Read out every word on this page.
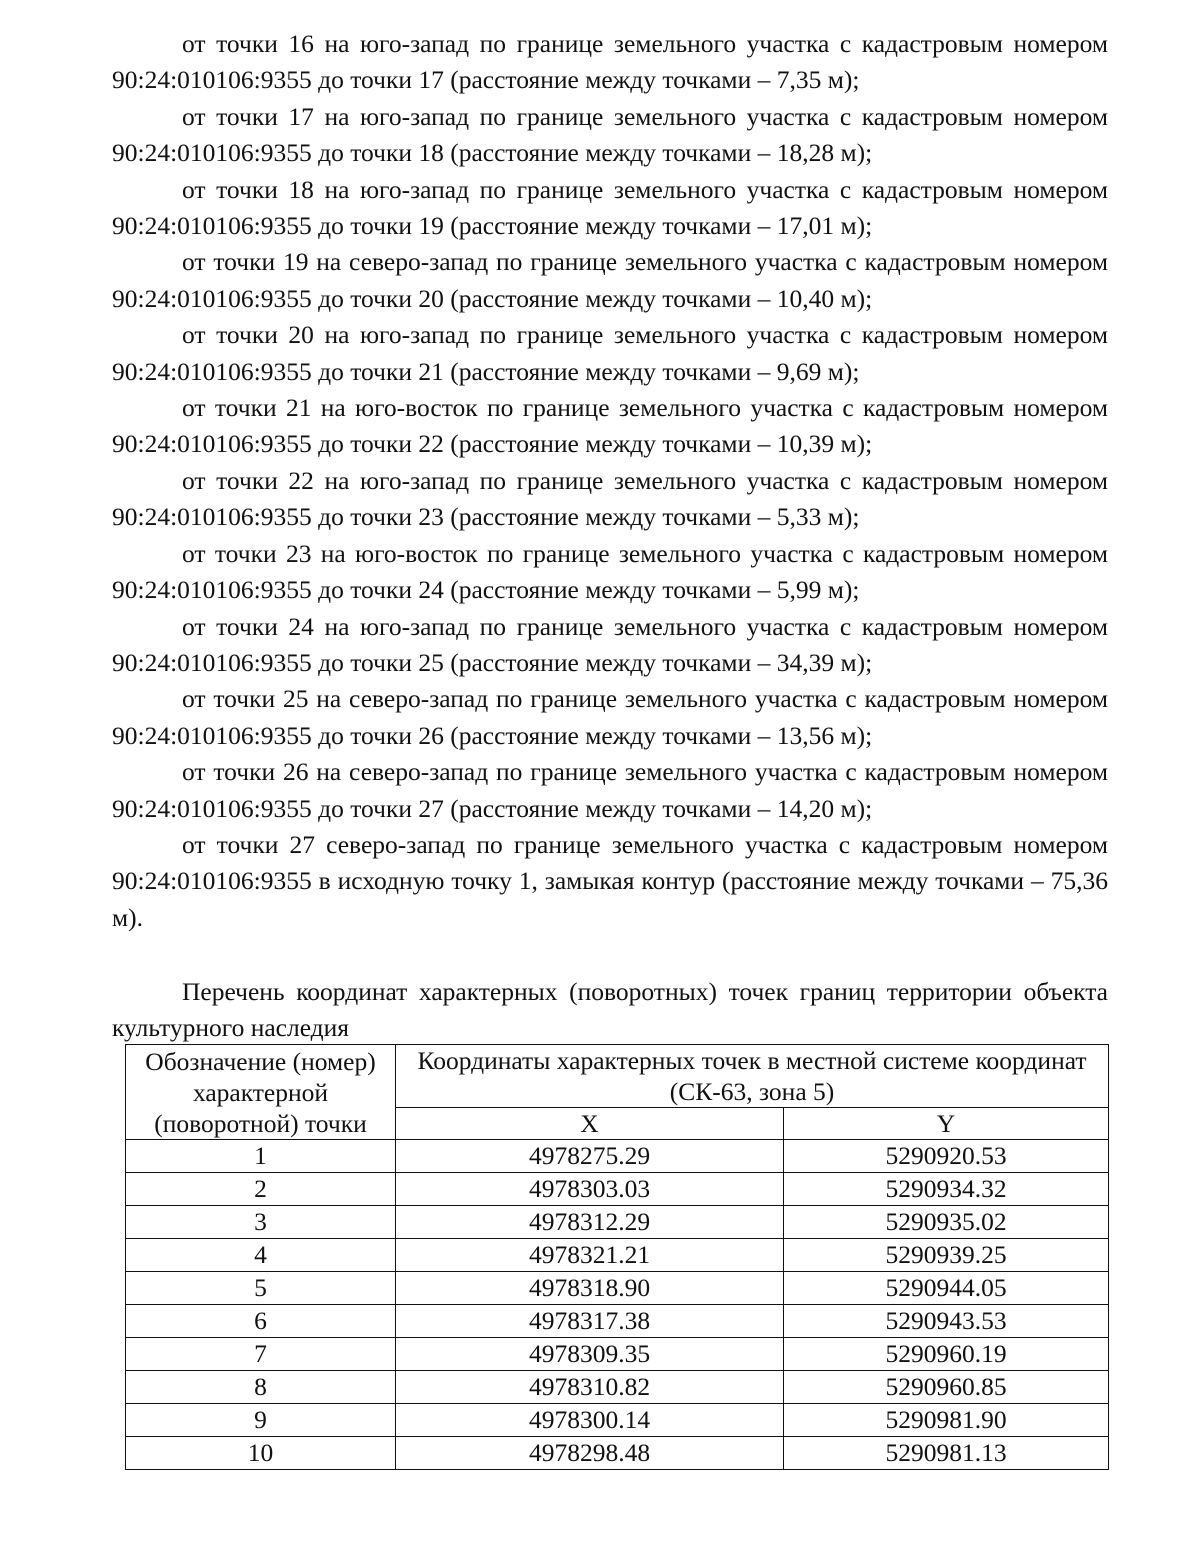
от точки 16 на юго-запад по границе земельного участка с кадастровым номером 90:24:010106:9355 до точки 17 (расстояние между точками – 7,35 м);

от точки 17 на юго-запад по границе земельного участка с кадастровым номером 90:24:010106:9355 до точки 18 (расстояние между точками – 18,28 м);

от точки 18 на юго-запад по границе земельного участка с кадастровым номером 90:24:010106:9355 до точки 19 (расстояние между точками – 17,01 м);

от точки 19 на северо-запад по границе земельного участка с кадастровым номером 90:24:010106:9355 до точки 20 (расстояние между точками – 10,40 м);

от точки 20 на юго-запад по границе земельного участка с кадастровым номером 90:24:010106:9355 до точки 21 (расстояние между точками – 9,69 м);

от точки 21 на юго-восток по границе земельного участка с кадастровым номером 90:24:010106:9355 до точки 22 (расстояние между точками – 10,39 м);

от точки 22 на юго-запад по границе земельного участка с кадастровым номером 90:24:010106:9355 до точки 23 (расстояние между точками – 5,33 м);

от точки 23 на юго-восток по границе земельного участка с кадастровым номером 90:24:010106:9355 до точки 24 (расстояние между точками – 5,99 м);

от точки 24 на юго-запад по границе земельного участка с кадастровым номером 90:24:010106:9355 до точки 25 (расстояние между точками – 34,39 м);

от точки 25 на северо-запад по границе земельного участка с кадастровым номером 90:24:010106:9355 до точки 26 (расстояние между точками – 13,56 м);

от точки 26 на северо-запад по границе земельного участка с кадастровым номером 90:24:010106:9355 до точки 27 (расстояние между точками – 14,20 м);

от точки 27 северо-запад по границе земельного участка с кадастровым номером 90:24:010106:9355 в исходную точку 1, замыкая контур (расстояние между точками – 75,36 м).

Перечень координат характерных (поворотных) точек границ территории объекта культурного наследия

Обозначение (номер) характерной (поворотной) точки	Координаты характерных точек в местной системе координат (СК-63, зона 5)	
	X	Y
1	4978275.29	5290920.53
2	4978303.03	5290934.32
3	4978312.29	5290935.02
4	4978321.21	5290939.25
5	4978318.90	5290944.05
6	4978317.38	5290943.53
7	4978309.35	5290960.19
8	4978310.82	5290960.85
9	4978300.14	5290981.90
10	4978298.48	5290981.13
